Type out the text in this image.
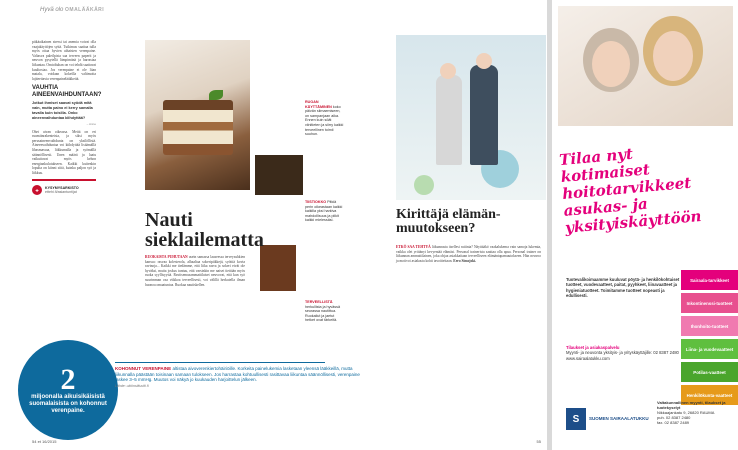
Hyvä olo OMALÄÄKÄRI

pitkäaikainen stressi tai anemia voivat olla vaajakäyttöjen syitä. Tutkimus saattaa tulla myös ottaa hyvien aihaisten verenpaine. Valtasva paleilpista saa terveen paperit ja neuvon pysytellä lämpimänä ja harrastaa liikuntaa. Omtoltuhan on voi tehdä saattavat kuultostaa. Jos verenpaine ei ole liian matala, voidaan kokeilla valtimoita lajiteettavia verenpainelääkkeitä.

VAUHTIA AINEENVAIHDUNTAAN?

Jotkut ihmiset saavat syödä mitä vain, mutta paino ei kerry samalla tavalla kuin toisilla. Onko aineenvaihduntaa kiihdyttää?

– Anne

Ohet aivan oikeassa. Meitä on eri ruumiinrakenteisia, ja siksi myös perusaineenvaihdunta on yksilöllistä. Aineenvaihduntaa voi kiihdyttää lisäämällä lihasmassaa, liikkumalla ja syömällä säännöllisesti. Unen määrä ja laatu vaikuttavat myös kehon energiankulutukseen. Kaikki kuitenkin lopulta on kiinni siitä, kuinka paljon syö ja liikkuu.

✚	KYSYMYSARKISTO
ettehi.fi/asiantuntijat
RUOAN KÄYTTÄMINEN koko päivän silmaemiseen, on sampanjaan aika. Ennen kuin söät viinitieten ja siirry kaikki terveellinen toimii suuhun.
TIISTIOKKO Pitkiä perin oikeastaan kaikki kaikilla yksi harkiva mahdollisuus ja piikit kaikki mielessäsi.
TERVEELLISTÄ herkullista ja hyvässä seurassa nautittua. Ruokailut ja jaetut hetket ovat tärkeitä.
Nauti
sieklailematta

RUOKAISTA PUHUTAAN usein samassa lauseessa terveysuhkien kanssa: rasvaa kolesterola, alhaaltaa sokeripiikkejä, syöttiä kovia ravinoja... Kaikki me tiedämme, että liika rasva ja sokeri eivät ole hyväksi, mutta joskus tuntuu, että varsinkin me naiset tiettään myös ruoka syyllisyyttä. Ravitsemusammattilaiset neuvovat, että kun syö suurimman osa viikkoa terveellisesti, voi välillä herkutella ilman huonoa omaatuntoa. Ruokaa nautiskellen.

2
miljoonalla aikuisikäisistä suomalaisista on kohonnut verenpaine.
KOHONNUT VERENPAINE altistaa aivoverenkiertohäiriöille. Korkeita painelukemia lasketaan yleensä lääkkeillä, mutta liikunnalla päästään toisinaan samaan tulokseen. Jos harrastaa kohtuullisesti rasittavaa liikuntaa säännöllisesti, verenpaine laskee 3–5 mmHg. Muutos voi näkyä jo kuukauden harjoittelun jälkeen.
Lähde: ukkinstituutti.fi
54 et 16/2015
Kirittäjä elämän-
muutokseen?

ETKÖ SAA TEHTYÄ liikunnasta itsellesi rutiinia? Näyttääkö vaakalukema vain samoja lukemia, vaikka olet yrittänyt kevyentää elämäsi. Personal trainerista saattaa olla apua. Personal trainer on liikunnan ammattilainen, joka ohjaa asiakkaitaan terveelliseen elämäntapamuutokseen. Hän neuvoo ja motivoi asiakasta kohti tavoitteitaan. Eero Simojoki.

55
Tilaa nyt kotimaiset hoitotarvikkeet asukas- ja yksityiskäyttöön
Tuotevalikoimaamme kuuluvat pöytä- ja henkilökohtaiset tuotteet, vuodevaatteet, paitat, pyyhkeet, liinavaatteet ja hygieniatuotteet. Toimitamme tuotteet nopeasti ja edullisesti.
Sairaala-tarvikkeet
Inkontinenssi-tuotteet
Ihonhoito-tuotteet
Liina- ja vuodevaatteet
Potilas-vaatteet
Henkilökunta-vaatteet
Tilaukset ja asiakaspalvelu
Myynti- ja neuvonta yksityis- ja yrityskäyttäjille: 02 8387 2480 www.sairaalatukku.com
S	SUOMEN SAIRAALATUKKU
Valtakunnallinen myynti, tilaukset ja tuotekyselyt
Nikkaajankatu 9, 26820 RAUMA
puh. 02 8387 2480
fax. 02 8387 2489
